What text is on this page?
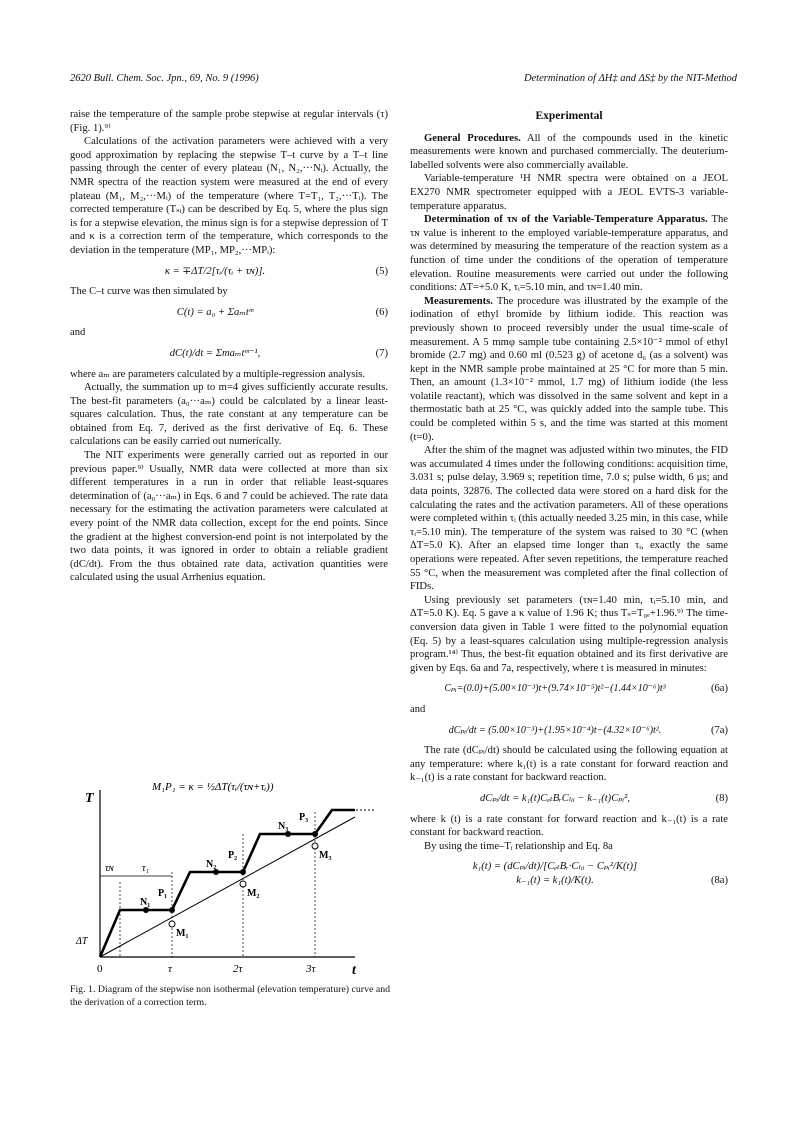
2620 Bull. Chem. Soc. Jpn., 69, No. 9 (1996)	Determination of ΔH‡ and ΔS‡ by the NIT-Method

raise the temperature of the sample probe stepwise at regular intervals (τ) (Fig. 1).⁹⁾

Calculations of the activation parameters were achieved with a very good approximation by replacing the stepwise T–t curve by a T–t line passing through the center of every plateau (N₁, N₂,···Nᵢ). Actually, the NMR spectra of the reaction system were measured at the end of every plateau (M₁, M₂,···Mᵢ) of the temperature (where T=T₁, T₂,···Tᵢ). The corrected temperature (Tₛᵢ) can be described by Eq. 5, where the plus sign is for a stepwise elevation, the minus sign is for a stepwise depression of T and κ is a correction term of the temperature, which corresponds to the deviation in the temperature (MP₁, MP₂,···MPᵢ):

κ = ∓ΔT/2[τᵢ/(τᵢ + τɴ)].	(5)

The C–t curve was then simulated by

C(t) = a₀ + Σaₘtᵐ	(6)

and

dC(t)/dt = Σmaₘtᵐ⁻¹,	(7)

where aₘ are parameters calculated by a multiple-regression analysis.

Actually, the summation up to m=4 gives sufficiently accurate results. The best-fit parameters (a₀···aₘ) could be calculated by a linear least-squares calculation. Thus, the rate constant at any temperature can be obtained from Eq. 7, derived as the first derivative of Eq. 6. These calculations can be easily carried out numerically.

The NIT experiments were generally carried out as reported in our previous paper.⁹⁾ Usually, NMR data were collected at more than six different temperatures in a run in order that reliable least-squares determination of (a₀···aₘ) in Eqs. 6 and 7 could be achieved. The rate data necessary for the estimating the activation parameters were calculated at every point of the NMR data collection, except for the end points. Since the gradient at the highest conversion-end point is not interpolated by the two data points, it was ignored in order to obtain a reliable gradient (dC/dt). From the thus obtained rate data, activation quantities were calculated using the usual Arrhenius equation.

T
t
0	τ	2τ	3τ
τɴ	τ₁
ΔT
N₁
P₁
M₁
N₂
P₂
M₂
N₃
P₃
M₃
M₁P₁ = κ = ½ΔT(τᵢ/(τɴ+τᵢ))
Fig. 1. Diagram of the stepwise non isothermal (elevation temperature) curve and the derivation of a correction term.
Experimental

General Procedures. All of the compounds used in the kinetic measurements were known and purchased commercially. The deuterium-labelled solvents were also commercially available.

Variable-temperature ¹H NMR spectra were obtained on a JEOL EX270 NMR spectrometer equipped with a JEOL EVTS-3 variable-temperature apparatus.

Determination of τɴ of the Variable-Temperature Apparatus. The τɴ value is inherent to the employed variable-temperature apparatus, and was determined by measuring the temperature of the reaction system as a function of time under the conditions of the operation of temperature elevation. Routine measurements were carried out under the following conditions: ΔT=+5.0 K, τᵢ=5.10 min, and τɴ=1.40 min.

Measurements. The procedure was illustrated by the example of the iodination of ethyl bromide by lithium iodide. This reaction was previously shown to proceed reversibly under the usual time-scale of measurement. A 5 mmφ sample tube containing 2.5×10⁻² mmol of ethyl bromide (2.7 mg) and 0.60 ml (0.523 g) of acetone d₆ (as a solvent) was kept in the NMR sample probe maintained at 25 °C for more than 5 min. Then, an amount (1.3×10⁻² mmol, 1.7 mg) of lithium iodide (the less volatile reactant), which was dissolved in the same solvent and kept in a thermostatic bath at 25 °C, was quickly added into the sample tube. This could be completed within 5 s, and the time was started at this moment (t=0).

After the shim of the magnet was adjusted within two minutes, the FID was accumulated 4 times under the following conditions: acquisition time, 3.031 s; pulse delay, 3.969 s; repetition time, 7.0 s; pulse width, 6 μs; and data points, 32876. The collected data were stored on a hard disk for the calculating the rates and the activation parameters. All of these operations were completed within τᵢ (this actually needed 3.25 min, in this case, while τᵢ=5.10 min). The temperature of the system was raised to 30 °C (when ΔT=5.0 K). After an elapsed time longer than τᵢ, exactly the same operations were repeated. After seven repetitions, the temperature reached 55 °C, when the measurement was completed after the final collection of FIDs.

Using previously set parameters (τɴ=1.40 min, τᵢ=5.10 min, and ΔT=5.0 K). Eq. 5 gave a κ value of 1.96 K; thus Tₛ=T₀ₑ+1.96.⁹⁾ The time-conversion data given in Table 1 were fitted to the polynomial equation (Eq. 5) by a least-squares calculation using multiple-regression analysis program.¹⁴⁾ Thus, the best-fit equation obtained and its first derivative are given by Eqs. 6a and 7a, respectively, where t is measured in minutes:

Cₚᵢ=(0.0)+(5.00×10⁻³)t+(9.74×10⁻⁵)t²−(1.44×10⁻⁶)t³	(6a)

and

dCₚᵢ/dt = (5.00×10⁻³)+(1.95×10⁻⁴)t−(4.32×10⁻⁶)t².	(7a)

The rate (dCₚᵢ/dt) should be calculated using the following equation at any temperature: where k₁(t) is a rate constant for forward reaction and k₋₁(t) is a rate constant for backward reaction.

dCₚᵢ/dt = k₁(t)CₑₜBᵣCₗᵢᵢ − k₋₁(t)Cₚᵢ²,	(8)

where k (t) is a rate constant for forward reaction and k₋₁(t) is a rate constant for backward reaction.

By using the time–Tᵢ relationship and Eq. 8a

k₁(t) = (dCₚᵢ/dt)/[CₑₜBᵣ·Cₗᵢᵢ − Cₚᵢ²/K(t)]
k₋₁(t) = k₁(t)/K(t).	(8a)
